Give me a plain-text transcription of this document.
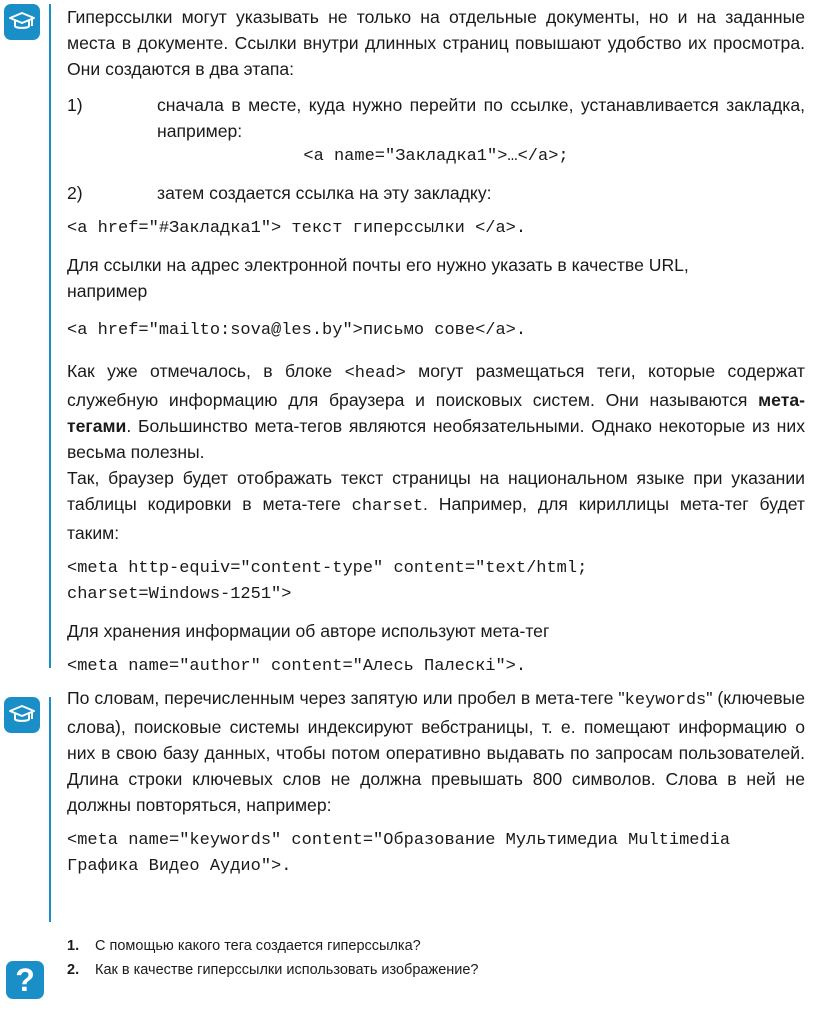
?

Гиперссылки могут указывать не только на отдельные документы, но и на заданные места в документе. Ссылки внутри длинных страниц повышают удобство их просмотра. Они создаются в два этапа:

1)	сначала в месте, куда нужно перейти по ссылке, устанавливается закладка, например:

<a name="Закладка1">…</a>;

2)	затем создается ссылка на эту закладку:

<a href="#Закладка1"> текст гиперссылки </a>.

Для ссылки на адрес электронной почты его нужно указать в качестве URL, например

<a href="mailto:sova@les.by">письмо сове</a>.

Как уже отмечалось, в блоке <head> могут размещаться теги, которые содержат служебную информацию для браузера и поисковых систем. Они называются мета-тегами. Большинство мета-тегов являются необязательными. Однако некоторые из них весьма полезны.

Так, браузер будет отображать текст страницы на национальном языке при указании таблицы кодировки в мета-теге charset. Например, для кириллицы мета-тег будет таким:

<meta http-equiv="content-type" content="text/html; charset=Windows-1251">

Для хранения информации об авторе используют мета-тег

<meta name="author" content="Алесь Палескі">.

По словам, перечисленным через запятую или пробел в мета-теге "keywords" (ключевые слова), поисковые системы индексируют вебстраницы, т. е. помещают информацию о них в свою базу данных, чтобы потом оперативно выдавать по запросам пользователей. Длина строки ключевых слов не должна превышать 800 символов. Слова в ней не должны повторяться, например:

<meta name="keywords" content="Образование Мультимедиа Multimedia Графика Видео Аудио">.
1.	С помощью какого тега создается гиперссылка?
2.	Как в качестве гиперссылки использовать изображение?
